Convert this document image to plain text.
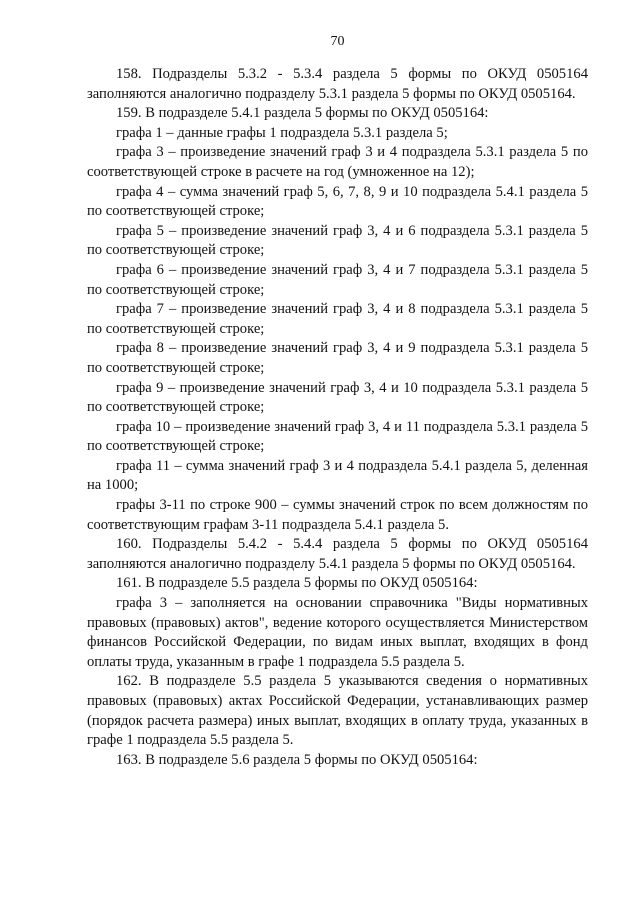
70

158. Подразделы 5.3.2 - 5.3.4 раздела 5 формы по ОКУД 0505164 заполняются аналогично подразделу 5.3.1 раздела 5 формы по ОКУД 0505164.

159. В подразделе 5.4.1 раздела 5 формы по ОКУД 0505164:

графа 1 – данные графы 1 подраздела 5.3.1 раздела 5;

графа 3 – произведение значений граф 3 и 4 подраздела 5.3.1 раздела 5 по соответствующей строке в расчете на год (умноженное на 12);

графа 4 – сумма значений граф 5, 6, 7, 8, 9 и 10 подраздела 5.4.1 раздела 5 по соответствующей строке;

графа 5 – произведение значений граф 3, 4 и 6 подраздела 5.3.1 раздела 5 по соответствующей строке;

графа 6 – произведение значений граф 3, 4 и 7 подраздела 5.3.1 раздела 5 по соответствующей строке;

графа 7 – произведение значений граф 3, 4 и 8 подраздела 5.3.1 раздела 5 по соответствующей строке;

графа 8 – произведение значений граф 3, 4 и 9 подраздела 5.3.1 раздела 5 по соответствующей строке;

графа 9 – произведение значений граф 3, 4 и 10 подраздела 5.3.1 раздела 5 по соответствующей строке;

графа 10 – произведение значений граф 3, 4 и 11 подраздела 5.3.1 раздела 5 по соответствующей строке;

графа 11 – сумма значений граф 3 и 4 подраздела 5.4.1 раздела 5, деленная на 1000;

графы 3-11 по строке 900 – суммы значений строк по всем должностям по соответствующим графам 3-11 подраздела 5.4.1 раздела 5.

160. Подразделы 5.4.2 - 5.4.4 раздела 5 формы по ОКУД 0505164 заполняются аналогично подразделу 5.4.1 раздела 5 формы по ОКУД 0505164.

161. В подразделе 5.5 раздела 5 формы по ОКУД 0505164:

графа 3 – заполняется на основании справочника "Виды нормативных правовых (правовых) актов", ведение которого осуществляется Министерством финансов Российской Федерации, по видам иных выплат, входящих в фонд оплаты труда, указанным в графе 1 подраздела 5.5 раздела 5.

162. В подразделе 5.5 раздела 5 указываются сведения о нормативных правовых (правовых) актах Российской Федерации, устанавливающих размер (порядок расчета размера) иных выплат, входящих в оплату труда, указанных в графе 1 подраздела 5.5 раздела 5.

163. В подразделе 5.6 раздела 5 формы по ОКУД 0505164:
